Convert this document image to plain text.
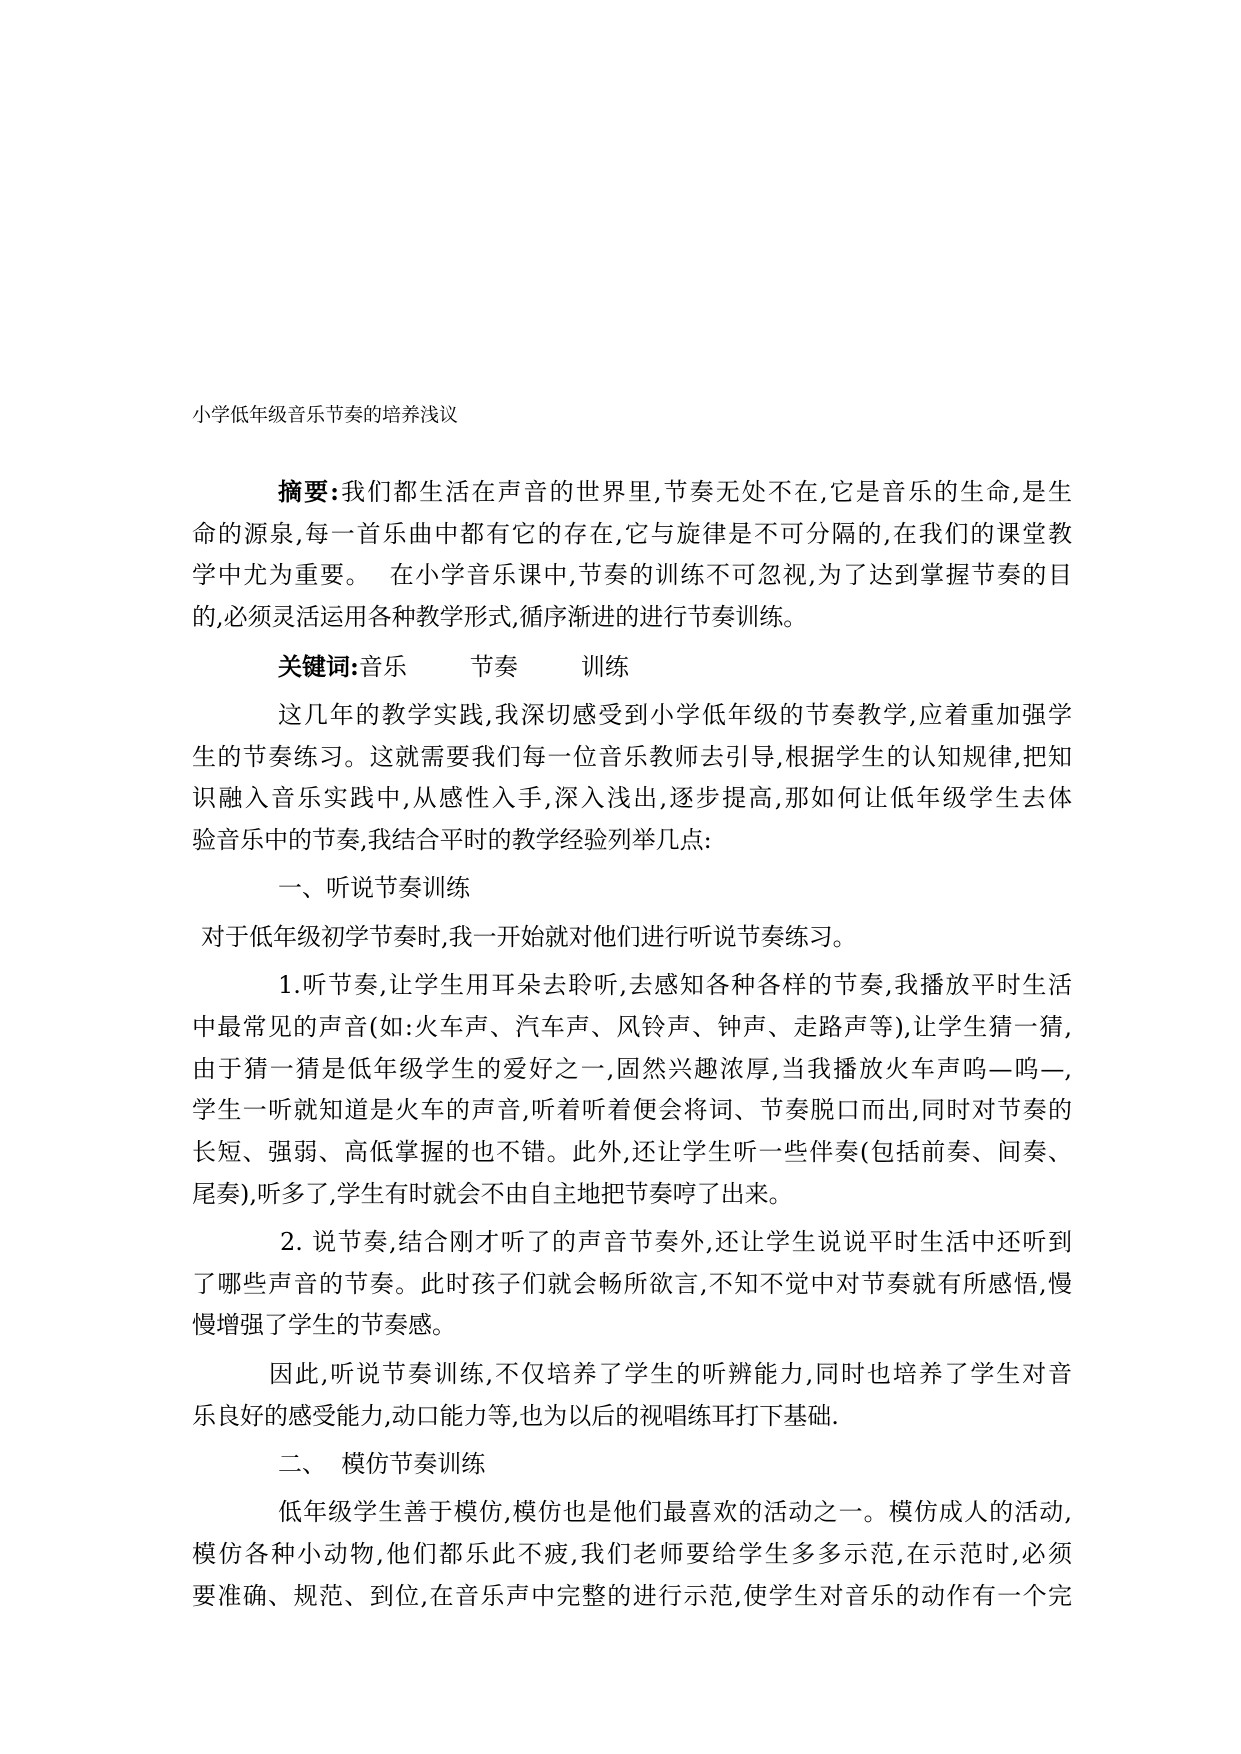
小学低年级音乐节奏的培养浅议
摘要:我们都生活在声音的世界里,节奏无处不在,它是音乐的生命,是生
命的源泉,每一首乐曲中都有它的存在,它与旋律是不可分隔的,在我们的课堂教
学中尤为重要。  在小学音乐课中,节奏的训练不可忽视,为了达到掌握节奏的目
的,必须灵活运用各种教学形式,循序渐进的进行节奏训练。
关键词:音乐	节奏	训练
这几年的教学实践,我深切感受到小学低年级的节奏教学,应着重加强学
生的节奏练习。这就需要我们每一位音乐教师去引导,根据学生的认知规律,把知
识融入音乐实践中,从感性入手,深入浅出,逐步提高,那如何让低年级学生去体
验音乐中的节奏,我结合平时的教学经验列举几点:
一、听说节奏训练
对于低年级初学节奏时,我一开始就对他们进行听说节奏练习。
1.听节奏,让学生用耳朵去聆听,去感知各种各样的节奏,我播放平时生活
中最常见的声音(如:火车声、汽车声、风铃声、钟声、走路声等),让学生猜一猜,
由于猜一猜是低年级学生的爱好之一,固然兴趣浓厚,当我播放火车声呜—呜—,
学生一听就知道是火车的声音,听着听着便会将词、节奏脱口而出,同时对节奏的
长短、强弱、高低掌握的也不错。此外,还让学生听一些伴奏(包括前奏、间奏、
尾奏),听多了,学生有时就会不由自主地把节奏哼了出来。
2. 说节奏,结合刚才听了的声音节奏外,还让学生说说平时生活中还听到
了哪些声音的节奏。此时孩子们就会畅所欲言,不知不觉中对节奏就有所感悟,慢
慢增强了学生的节奏感。
因此,听说节奏训练,不仅培养了学生的听辨能力,同时也培养了学生对音
乐良好的感受能力,动口能力等,也为以后的视唱练耳打下基础.
二、  模仿节奏训练
低年级学生善于模仿,模仿也是他们最喜欢的活动之一。模仿成人的活动,
模仿各种小动物,他们都乐此不疲,我们老师要给学生多多示范,在示范时,必须
要准确、规范、到位,在音乐声中完整的进行示范,使学生对音乐的动作有一个完
